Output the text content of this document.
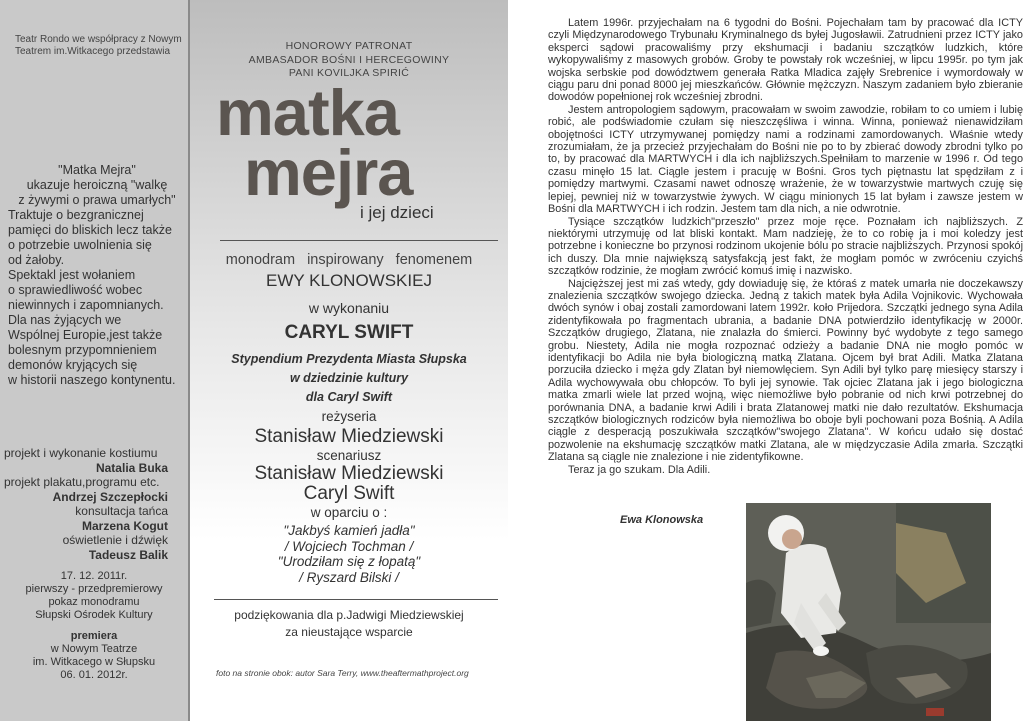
Teatr Rondo we współpracy z Nowym Teatrem im.Witkacego przedstawia
"Matka Mejra"
ukazuje heroiczną "walkę
z żywymi o prawa umarłych"
Traktuje o bezgranicznej
pamięci do bliskich lecz także
o potrzebie uwolnienia się
od żałoby.
Spektakl jest wołaniem
o sprawiedliwość wobec
niewinnych i zapomnianych.
Dla nas żyjących we
Wspólnej Europie,jest także
bolesnym przypomnieniem
demonów kryjących się
w historii naszego kontynentu.
projekt i wykonanie kostiumu
Natalia Buka
projekt plakatu,programu etc.
Andrzej Szczepłocki
konsultacja tańca
Marzena Kogut
oświetlenie i dźwięk
Tadeusz Balik
17. 12. 2011r.
pierwszy - przedpremierowy
pokaz monodramu
Słupski Ośrodek Kultury
premiera
w Nowym Teatrze
im. Witkacego w Słupsku
06. 01. 2012r.
HONOROWY PATRONAT
AMBASADOR BOŚNI I HERCEGOWINY
PANI KOVILJKA SPIRIĆ
matka
mejra
i jej dzieci
monodram inspirowany fenomenem
EWY KLONOWSKIEJ
w wykonaniu
CARYL SWIFT
Stypendium Prezydenta Miasta Słupska
w dziedzinie kultury
dla Caryl Swift
reżyseria
Stanisław Miedziewski
scenariusz
Stanisław Miedziewski
Caryl Swift
w oparciu o :
"Jakbyś kamień jadła"
/ Wojciech Tochman /
"Urodziłam się z łopatą"
/ Ryszard Bilski /
podziękowania dla p.Jadwigi Miedziewskiej
za nieustające wsparcie
foto na stronie obok: autor Sara Terry, www.theaftermathproject.org

Latem 1996r. przyjechałam na 6 tygodni do Bośni. Pojechałam tam by pracować dla ICTY czyli Międzynarodowego Trybunału Kryminalnego ds byłej Jugosławii. Zatrudnieni przez ICTY jako eksperci sądowi pracowaliśmy przy ekshumacji i badaniu szczątków ludzkich, które wykopywaliśmy z masowych grobów. Groby te powstały rok wcześniej, w lipcu 1995r. po tym jak wojska serbskie pod dowództwem generała Ratka Mladica zajęły Srebrenice i wymordowały w ciągu paru dni ponad 8000 jej mieszkańców. Głównie mężczyzn. Naszym zadaniem było zbieranie dowodów popełnionej rok wcześniej zbrodni.

Jestem antropologiem sądowym, pracowałam w swoim zawodzie, robiłam to co umiem i lubię robić, ale podświadomie czułam się nieszczęśliwa i winna. Winna, ponieważ nienawidziłam obojętności ICTY utrzymywanej pomiędzy nami a rodzinami zamordowanych. Właśnie wtedy zrozumiałam, że ja przecież przyjechałam do Bośni nie po to by zbierać dowody zbrodni tylko po to, by pracować dla MARTWYCH i dla ich najbliższych.Spełniłam to marzenie w 1996 r. Od tego czasu minęło 15 lat. Ciągle jestem i pracuję w Bośni. Gros tych piętnastu lat spędziłam z i pomiędzy martwymi. Czasami nawet odnoszę wrażenie, że w towarzystwie martwych czuję się lepiej, pewniej niż w towarzystwie żywych. W ciągu minionych 15 lat byłam i zawsze jestem w Bośni dla MARTWYCH i ich rodzin. Jestem tam dla nich, a nie odwrotnie.

Tysiące szczątków ludzkich"przeszło" przez moje ręce. Poznałam ich najbliższych. Z niektórymi utrzymuję od lat bliski kontakt. Mam nadzieję, że to co robię ja i moi koledzy jest potrzebne i konieczne bo przynosi rodzinom ukojenie bólu po stracie najbliższych. Przynosi spokój ich duszy. Dla mnie największą satysfakcją jest fakt, że mogłam pomóc w zwróceniu czyichś szczątków rodzinie, że mogłam zwrócić komuś imię i nazwisko.

Najcięższej jest mi zaś wtedy, gdy dowiaduję się, że któraś z matek umarła nie doczekawszy znalezienia szczątków swojego dziecka. Jedną z takich matek była Adila Vojnikovic. Wychowała dwóch synów i obaj zostali zamordowani latem 1992r. koło Prijedora. Szczątki jednego syna Adila zidentyfikowała po fragmentach ubrania, a badanie DNA potwierdziło identyfikację w 2000r. Szczątków drugiego, Zlatana, nie znalazła do śmierci. Powinny być wydobyte z tego samego grobu. Niestety, Adila nie mogła rozpoznać odzieży a badanie DNA nie mogło pomóc w identyfikacji bo Adila nie była biologiczną matką Zlatana. Ojcem był brat Adili. Matka Zlatana porzuciła dziecko i męża gdy Zlatan był niemowlęciem. Syn Adili był tylko parę miesięcy starszy i Adila wychowywała obu chłopców. To byli jej synowie. Tak ojciec Zlatana jak i jego biologiczna matka zmarli wiele lat przed wojną, więc niemożliwe było pobranie od nich krwi potrzebnej do porównania DNA, a badanie krwi Adili i brata Zlatanowej matki nie dało rezultatów. Ekshumacja szczątków biologicznych rodziców była niemożliwa bo oboje byli pochowani poza Bośnią. A Adila ciągle z desperacją poszukiwała szczątków"swojego Zlatana". W końcu udało się dostać pozwolenie na ekshumację szczątków matki Zlatana, ale w międzyczasie Adila zmarła. Szczątki Zlatana są ciągle nie znalezione i nie zidentyfikowne.

Teraz ja go szukam. Dla Adili.

Ewa Klonowska
